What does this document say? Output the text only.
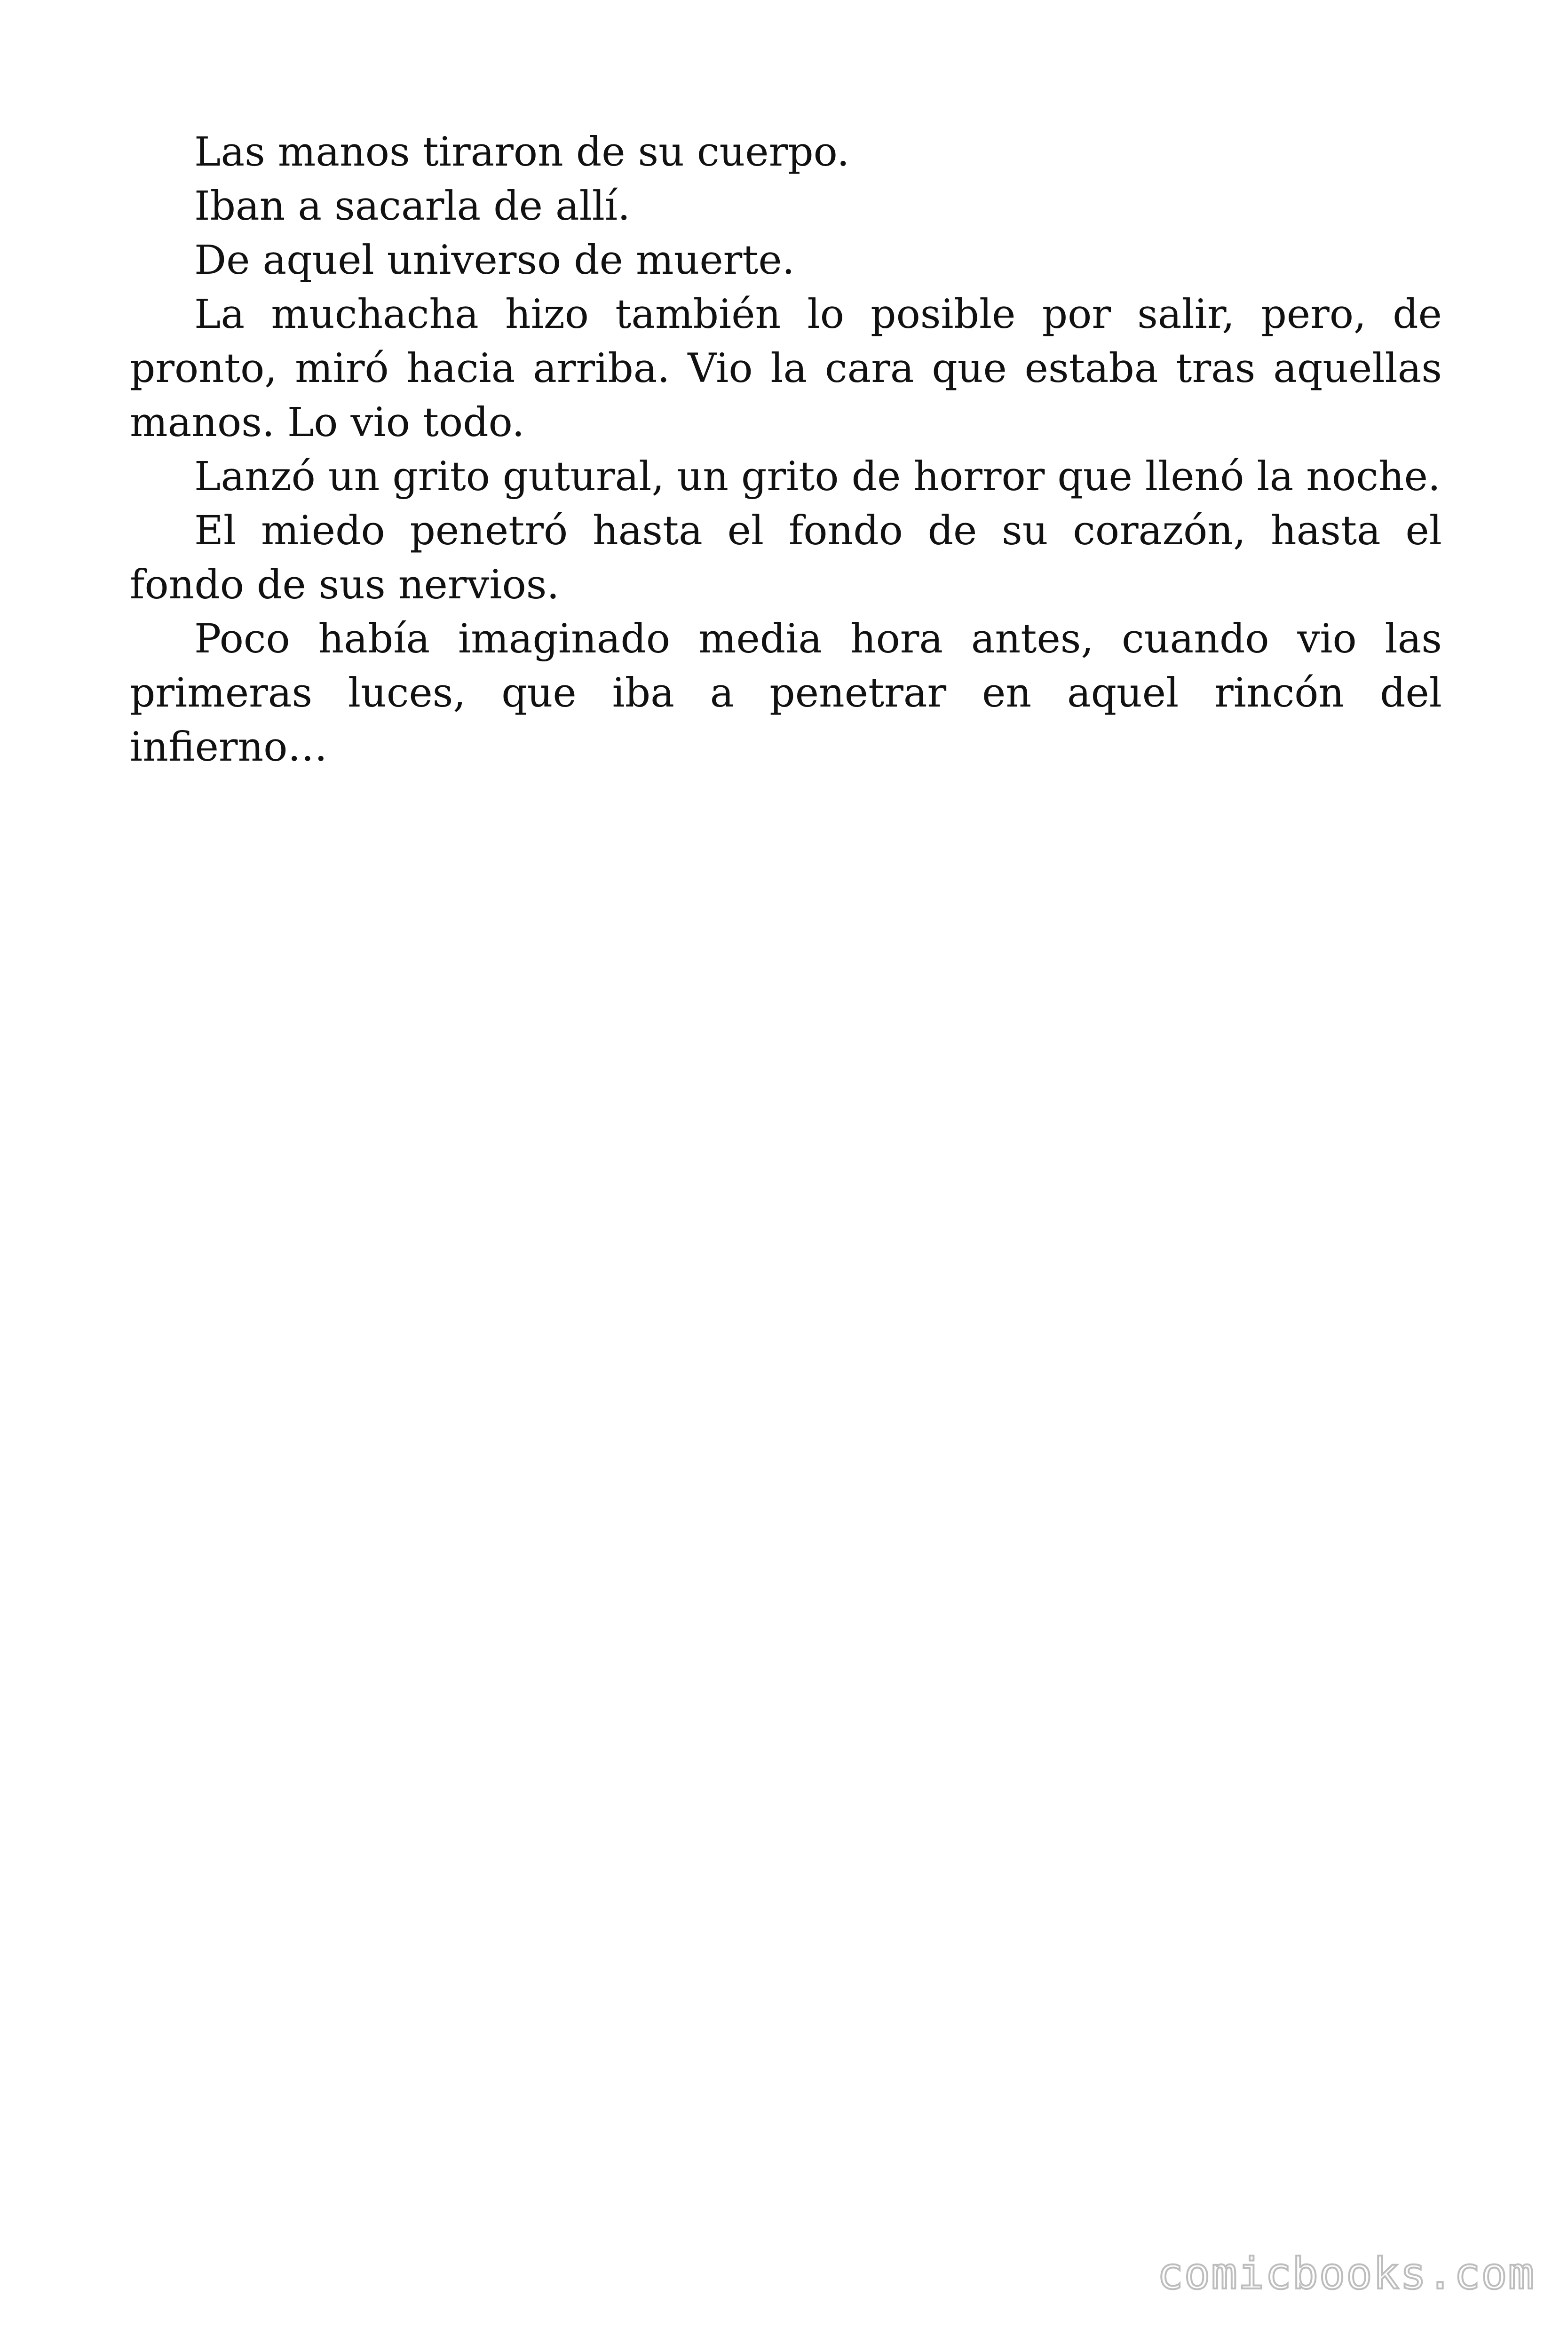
Las manos tiraron de su cuerpo.

Iban a sacarla de allí.

De aquel universo de muerte.

La muchacha hizo también lo posible por salir, pero, de pronto, miró hacia arriba. Vio la cara que estaba tras aquellas manos. Lo vio todo.

Lanzó un grito gutural, un grito de horror que llenó la noche.

El miedo penetró hasta el fondo de su corazón, hasta el fondo de sus nervios.

Poco había imaginado media hora antes, cuando vio las primeras luces, que iba a penetrar en aquel rincón del infierno…

comicbooks.com
